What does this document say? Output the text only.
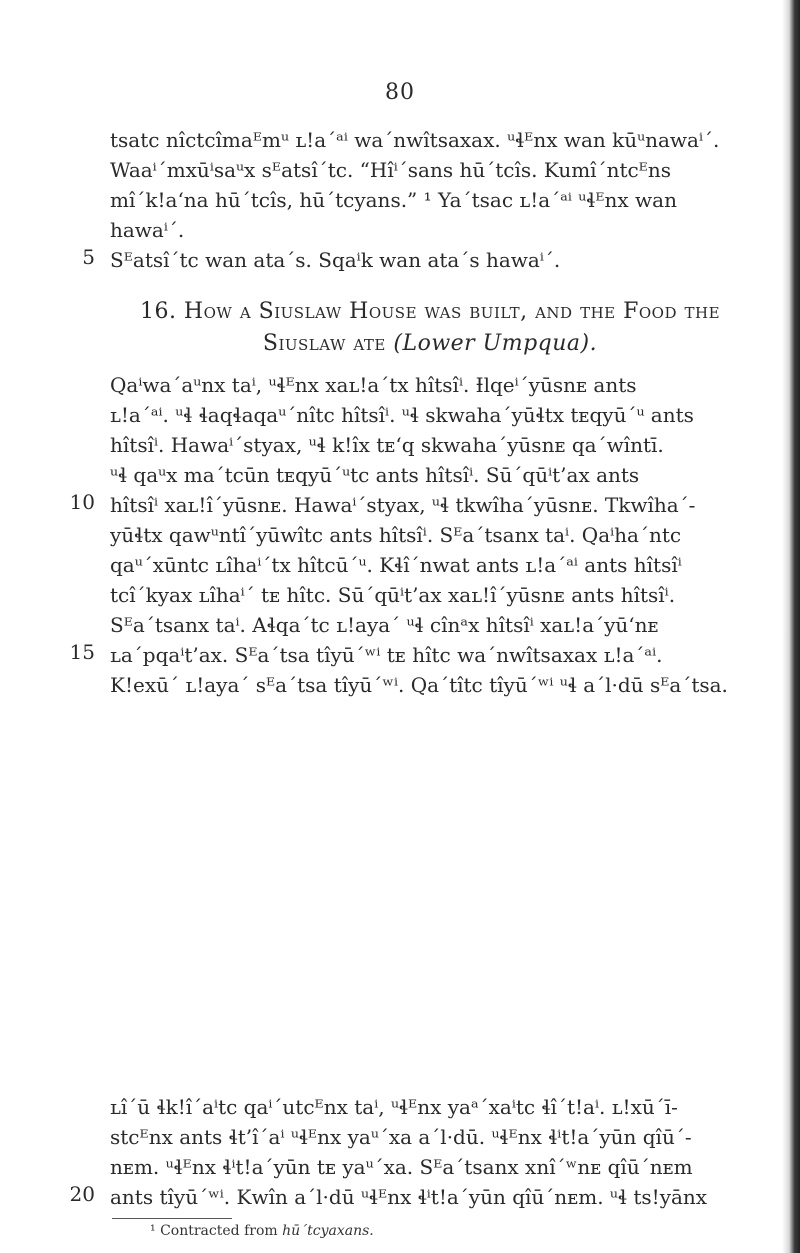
80
tsatc nîctcîmaᴱmᵘ ʟ!a´ᵃⁱ wa´nwîtsaxax. ᵘɬᴱnx wan kūᵘnawaⁱ´.
Waaⁱ´mxūⁱsaᵘx sᴱatsî´tc. “Hîⁱ´sans hū´tcîs. Kumî´ntcᴱns
mî´k!aʻna hū´tcîs, hū´tcyans.” ¹ Ya´tsac ʟ!a´ᵃⁱ ᵘɬᴱnx wan
hawaⁱ´.
Sᴱatsî´tc wan ata´s. Sqaⁱk wan ata´s hawaⁱ´.
5
16. How a Siuslaw House was built, and the Food the Siuslaw ate (Lower Umpqua).
Qaⁱwa´aᵘnx taⁱ, ᵘɬᴱnx xaʟ!a´tx hîtsîⁱ. Ɨlqeⁱ´yūsnᴇ ants
ʟ!a´ᵃⁱ. ᵘɬ ɬaqɬaqaᵘ´nîtc hîtsîⁱ. ᵘɬ skwaha´yūɬtx tᴇqyū´ᵘ ants
hîtsîⁱ. Hawaⁱ´styax, ᵘɬ k!îx tᴇʻq skwaha´yūsnᴇ qa´wîntī.
ᵘɬ qaᵘx ma´tcūn tᴇqyū´ᵘtc ants hîtsîⁱ. Sū´qūⁱt’ax ants
hîtsîⁱ xaʟ!î´yūsnᴇ. Hawaⁱ´styax, ᵘɬ tkwîha´yūsnᴇ. Tkwîha´-
yūɬtx qawᵘntî´yūwîtc ants hîtsîⁱ. Sᴱa´tsanx taⁱ. Qaⁱha´ntc
qaᵘ´xūntc ʟîhaⁱ´tx hîtcū´ᵘ. Kɬî´nwat ants ʟ!a´ᵃⁱ ants hîtsîⁱ
tcî´kyax ʟîhaⁱ´ tᴇ hîtc. Sū´qūⁱt’ax xaʟ!î´yūsnᴇ ants hîtsîⁱ.
Sᴱa´tsanx taⁱ. Aɬqa´tc ʟ!aya´ ᵘɬ cînᵃx hîtsîⁱ xaʟ!a´yūʻnᴇ
ʟa´pqaⁱt’ax. Sᴱa´tsa tîyū´ʷⁱ tᴇ hîtc wa´nwîtsaxax ʟ!a´ᵃⁱ.
K!exū´ ʟ!aya´ sᴱa´tsa tîyū´ʷⁱ. Qa´tîtc tîyū´ʷⁱ ᵘɬ a´l·dū sᴱa´tsa.
10
15
ʟî´ū ɬk!î´aⁱtc qaⁱ´utcᴱnx taⁱ, ᵘɬᴱnx yaᵃ´xaⁱtc ɬî´t!aⁱ. ʟ!xū´ī-
stcᴱnx ants ɬt’î´aⁱ ᵘɬᴱnx yaᵘ´xa a´l·dū. ᵘɬᴱnx ɬⁱt!a´yūn qîū´-
nᴇm. ᵘɬᴱnx ɬⁱt!a´yūn tᴇ yaᵘ´xa. Sᴱa´tsanx xnî´ʷnᴇ qîū´nᴇm
ants tîyū´ʷⁱ. Kwîn a´l·dū ᵘɬᴱnx ɬⁱt!a´yūn qîū´nᴇm. ᵘɬ ts!yānx
20
¹ Contracted from hū´tcyaxans.
